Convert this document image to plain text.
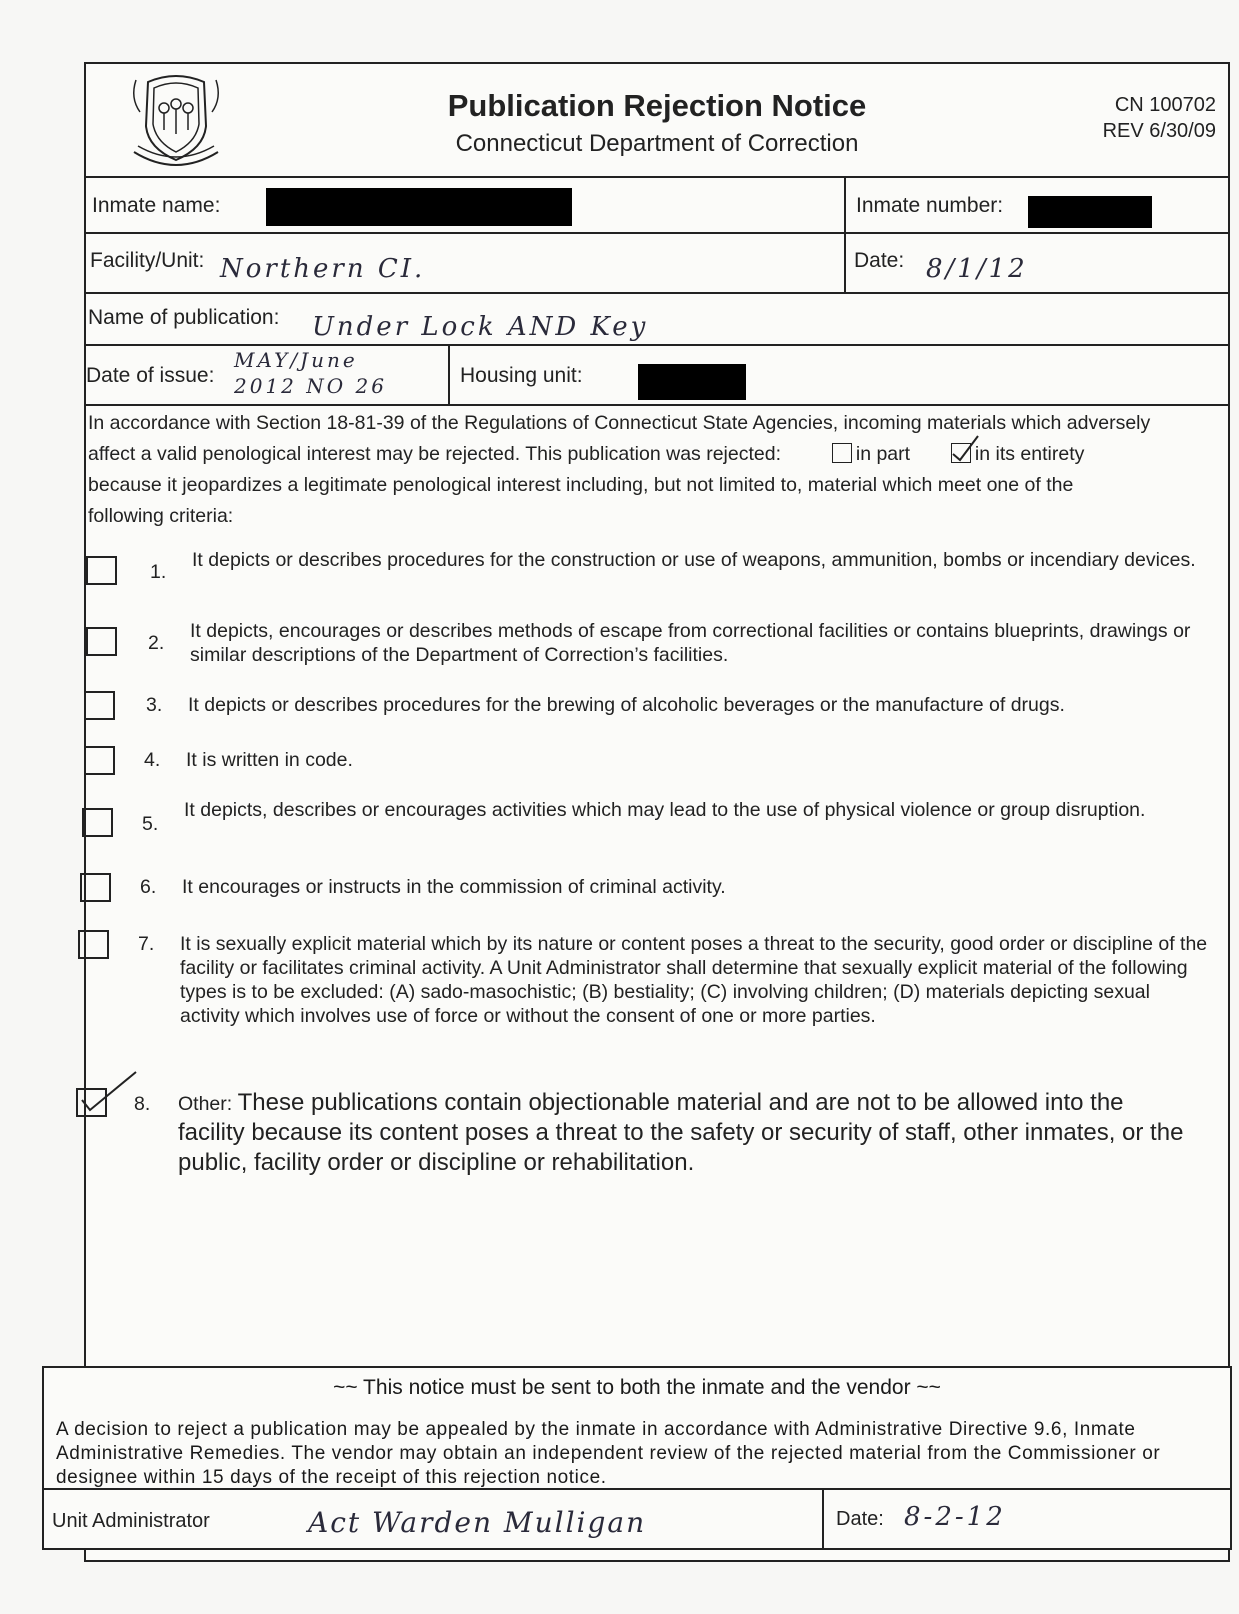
Publication Rejection Notice
Connecticut Department of Correction
CN 100702
REV 6/30/09
Inmate name:	Inmate number:
Facility/Unit: Northern CI.	Date: 8/1/12
Name of publication: Under Lock AND Key
Date of issue:
MAY/June
2012 NO 26	Housing unit:
In accordance with Section 18-81-39 of the Regulations of Connecticut State Agencies, incoming materials which adversely
affect a valid penological interest may be rejected. This publication was rejected:	in part	in its entirety
because it jeopardizes a legitimate penological interest including, but not limited to, material which meet one of the
following criteria:
1.
It depicts or describes procedures for the construction or use of weapons, ammunition, bombs or incendiary devices.
2.
It depicts, encourages or describes methods of escape from correctional facilities or contains blueprints, drawings or similar descriptions of the Department of Correction’s facilities.
3. It depicts or describes procedures for the brewing of alcoholic beverages or the manufacture of drugs.
4. It is written in code.
5.
It depicts, describes or encourages activities which may lead to the use of physical violence or group disruption.
6. It encourages or instructs in the commission of criminal activity.
7. It is sexually explicit material which by its nature or content poses a threat to the security, good order or discipline of the facility or facilitates criminal activity. A Unit Administrator shall determine that sexually explicit material of the following types is to be excluded: (A) sado-masochistic; (B) bestiality; (C) involving children; (D) materials depicting sexual activity which involves use of force or without the consent of one or more parties.
8. Other: These publications contain objectionable material and are not to be allowed into the facility because its content poses a threat to the safety or security of staff, other inmates, or the public, facility order or discipline or rehabilitation.
~~ This notice must be sent to both the inmate and the vendor ~~
A decision to reject a publication may be appealed by the inmate in accordance with Administrative Directive 9.6, Inmate Administrative Remedies. The vendor may obtain an independent review of the rejected material from the Commissioner or designee within 15 days of the receipt of this rejection notice.
Unit Administrator	Act Warden Mulligan	Date: 8-2-12
